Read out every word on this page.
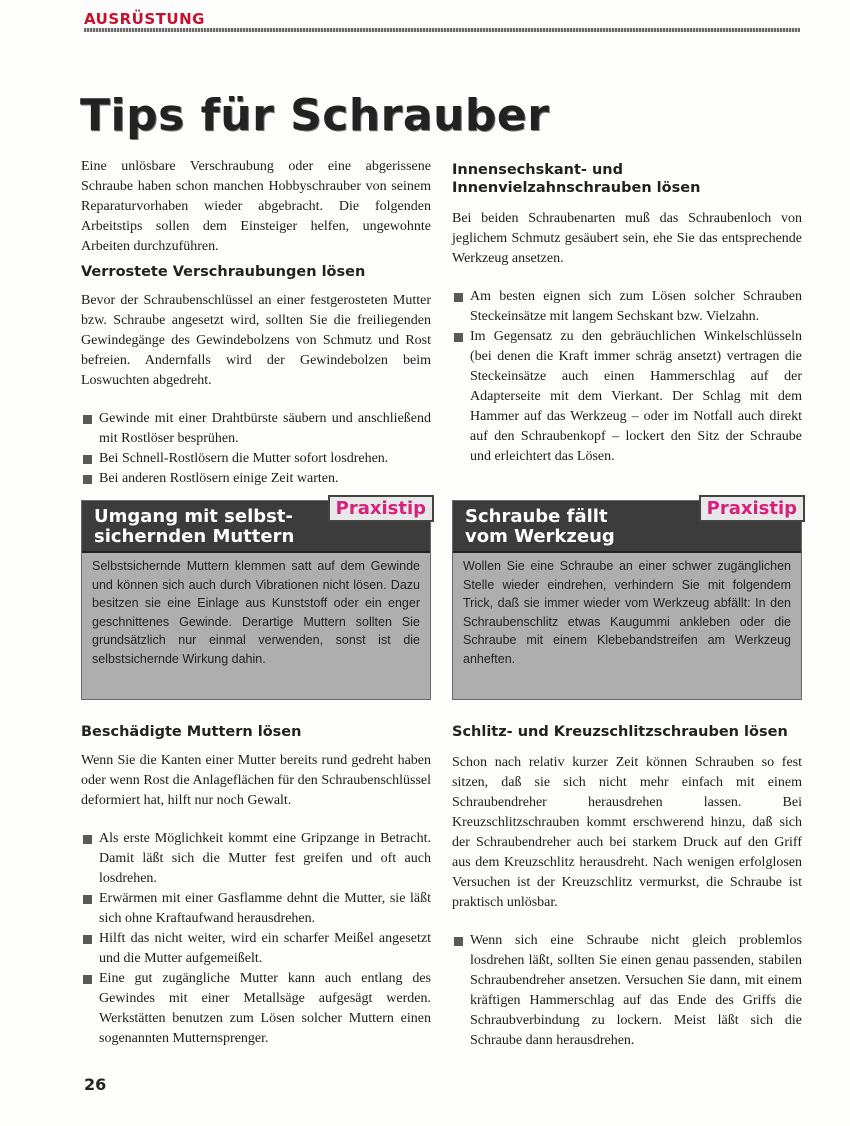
AUSRÜSTUNG
Tips für Schrauber

Eine unlösbare Verschraubung oder eine abgerissene Schraube haben schon manchen Hobbyschrauber von seinem Reparaturvorhaben wieder abgebracht. Die folgenden Arbeitstips sollen dem Einsteiger helfen, ungewohnte Arbeiten durchzuführen.

Verrostete Verschraubungen lösen

Bevor der Schraubenschlüssel an einer festgerosteten Mutter bzw. Schraube angesetzt wird, sollten Sie die freiliegenden Gewindegänge des Gewindebolzens von Schmutz und Rost befreien. Andernfalls wird der Gewindebolzen beim Loswuchten abgedreht.

Gewinde mit einer Drahtbürste säubern und anschließend mit Rostlöser besprühen.
Bei Schnell-Rostlösern die Mutter sofort losdrehen.
Bei anderen Rostlösern einige Zeit warten.
Innensechskant- und Innenvielzahnschrauben lösen

Bei beiden Schraubenarten muß das Schraubenloch von jeglichem Schmutz gesäubert sein, ehe Sie das entsprechende Werkzeug ansetzen.

Am besten eignen sich zum Lösen solcher Schrauben Steckeinsätze mit langem Sechskant bzw. Vielzahn.
Im Gegensatz zu den gebräuchlichen Winkelschlüsseln (bei denen die Kraft immer schräg ansetzt) vertragen die Steckeinsätze auch einen Hammerschlag auf der Adapterseite mit dem Vierkant. Der Schlag mit dem Hammer auf das Werkzeug – oder im Notfall auch direkt auf den Schraubenkopf – lockert den Sitz der Schraube und erleichtert das Lösen.
Umgang mit selbst-
sichernden Muttern
Praxistip
Selbstsichernde Muttern klemmen satt auf dem Gewinde und können sich auch durch Vibrationen nicht lösen. Dazu besitzen sie eine Einlage aus Kunststoff oder ein enger geschnittenes Gewinde. Derartige Muttern sollten Sie grundsätzlich nur einmal verwenden, sonst ist die selbstsichernde Wirkung dahin.
Schraube fällt
vom Werkzeug
Praxistip
Wollen Sie eine Schraube an einer schwer zugänglichen Stelle wieder eindrehen, verhindern Sie mit folgendem Trick, daß sie immer wieder vom Werkzeug abfällt: In den Schraubenschlitz etwas Kaugummi ankleben oder die Schraube mit einem Klebebandstreifen am Werkzeug anheften.
Beschädigte Muttern lösen

Wenn Sie die Kanten einer Mutter bereits rund gedreht haben oder wenn Rost die Anlageflächen für den Schraubenschlüssel deformiert hat, hilft nur noch Gewalt.

Als erste Möglichkeit kommt eine Gripzange in Betracht. Damit läßt sich die Mutter fest greifen und oft auch losdrehen.
Erwärmen mit einer Gasflamme dehnt die Mutter, sie läßt sich ohne Kraftaufwand herausdrehen.
Hilft das nicht weiter, wird ein scharfer Meißel angesetzt und die Mutter aufgemeißelt.
Eine gut zugängliche Mutter kann auch entlang des Gewindes mit einer Metallsäge aufgesägt werden. Werkstätten benutzen zum Lösen solcher Muttern einen sogenannten Mutternsprenger.
Schlitz- und Kreuzschlitzschrauben lösen

Schon nach relativ kurzer Zeit können Schrauben so fest sitzen, daß sie sich nicht mehr einfach mit einem Schraubendreher herausdrehen lassen. Bei Kreuzschlitzschrauben kommt erschwerend hinzu, daß sich der Schraubendreher auch bei starkem Druck auf den Griff aus dem Kreuzschlitz herausdreht. Nach wenigen erfolglosen Versuchen ist der Kreuzschlitz vermurkst, die Schraube ist praktisch unlösbar.

Wenn sich eine Schraube nicht gleich problemlos losdrehen läßt, sollten Sie einen genau passenden, stabilen Schraubendreher ansetzen. Versuchen Sie dann, mit einem kräftigen Hammerschlag auf das Ende des Griffs die Schraubverbindung zu lockern. Meist läßt sich die Schraube dann herausdrehen.
26
